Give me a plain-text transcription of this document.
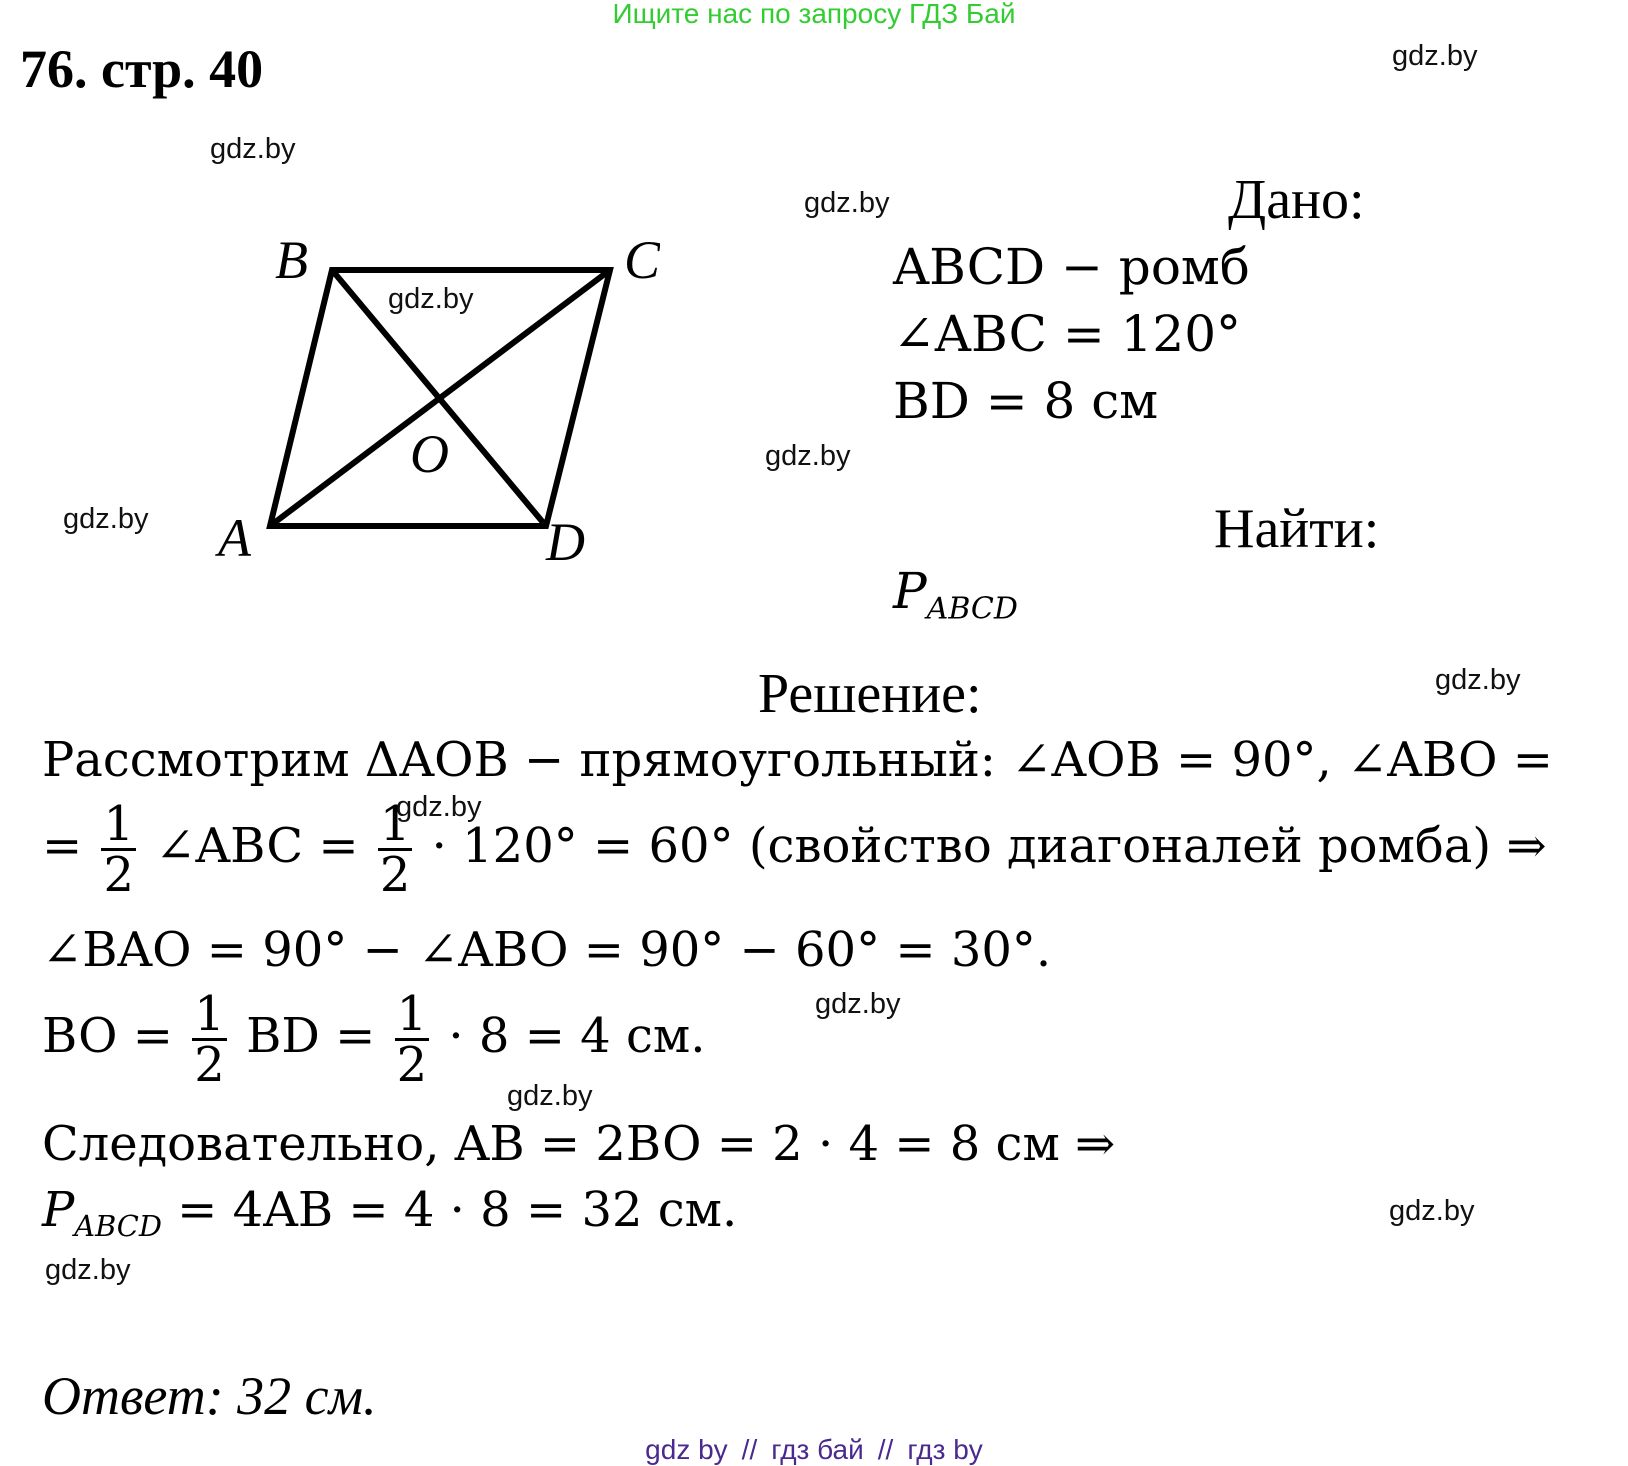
Ищите нас по запросу ГДЗ Бай
76. стр. 40	gdz.by
gdz.by
gdz.by
gdz.by
gdz.by
gdz.by
gdz.by
gdz.by
gdz.by
gdz.by
gdz.by
gdz.by
B	C
A	D
O
Дано:
ABCD − ромб
∠ABC = 120°
BD = 8 см
Найти:
$P_{ABCD}$
Решение:
Рассмотрим ΔAOB − прямоугольный: ∠AOB = 90°, ∠ABO =
= $\frac{1}{2}$ ∠ABC = $\frac{1}{2} \cdot 120^\circ = 60^\circ$ (свойство диагоналей ромба) ⇒
∠BAO = 90° − ∠ABO = 90° − 60° = 30°.
BO = $\frac{1}{2}$ BD = $\frac{1}{2} \cdot 8 = 4$ см.
Следовательно, AB = 2BO = 2 · 4 = 8 см ⇒
$P_{ABCD} = 4AB = 4 \cdot 8 = 32$ см.
Ответ: 32 см.
gdz by // гдз бай // гдз by
